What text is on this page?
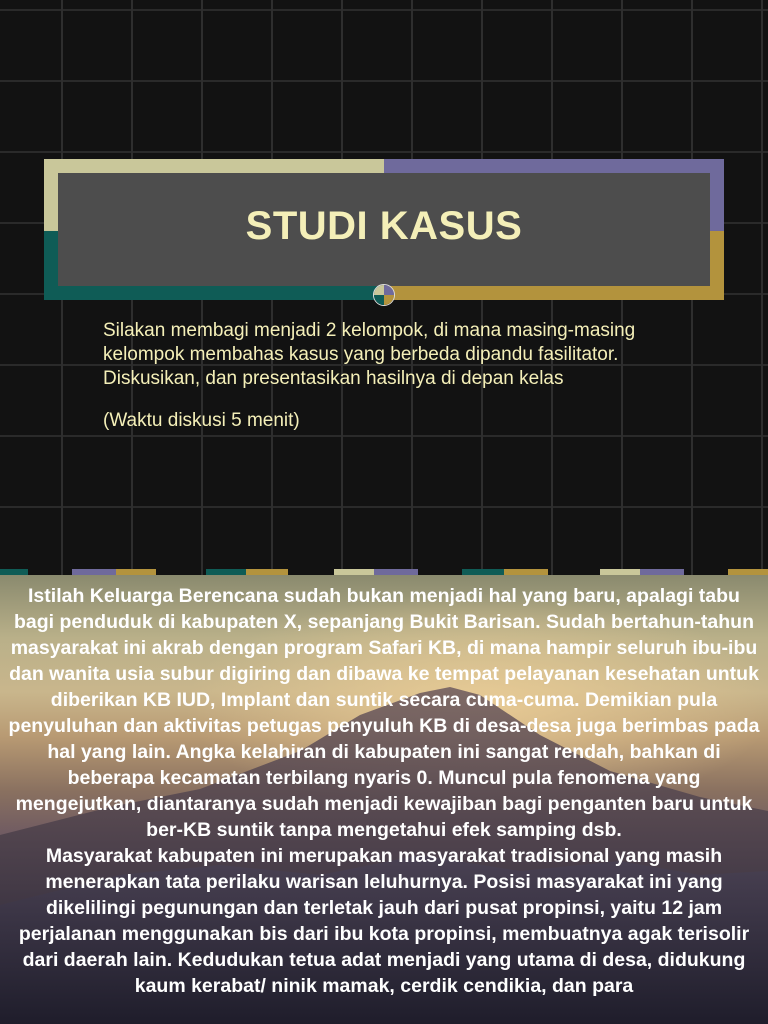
STUDI KASUS

Silakan membagi menjadi 2 kelompok, di mana masing-masing kelompok membahas kasus yang berbeda dipandu fasilitator. Diskusikan, dan presentasikan hasilnya di depan kelas

(Waktu diskusi 5 menit)

Istilah Keluarga Berencana sudah bukan menjadi hal yang baru, apalagi tabu bagi penduduk di kabupaten X, sepanjang Bukit Barisan. Sudah bertahun-tahun masyarakat ini akrab dengan program Safari KB, di mana hampir seluruh ibu-ibu dan wanita usia subur digiring dan dibawa ke tempat pelayanan kesehatan untuk diberikan KB IUD, Implant dan suntik secara cuma-cuma. Demikian pula penyuluhan dan aktivitas petugas penyuluh KB di desa-desa juga berimbas pada hal yang lain. Angka kelahiran di kabupaten ini sangat rendah, bahkan di beberapa kecamatan terbilang nyaris 0. Muncul pula fenomena yang mengejutkan, diantaranya sudah menjadi kewajiban bagi penganten baru untuk ber-KB suntik tanpa mengetahui efek samping dsb.

Masyarakat kabupaten ini merupakan masyarakat tradisional yang masih menerapkan tata perilaku warisan leluhurnya. Posisi masyarakat ini yang dikelilingi pegunungan dan terletak jauh dari pusat propinsi, yaitu 12 jam perjalanan menggunakan bis dari ibu kota propinsi, membuatnya agak terisolir dari daerah lain. Kedudukan tetua adat menjadi yang utama di desa, didukung kaum kerabat/ ninik mamak, cerdik cendikia, dan para
